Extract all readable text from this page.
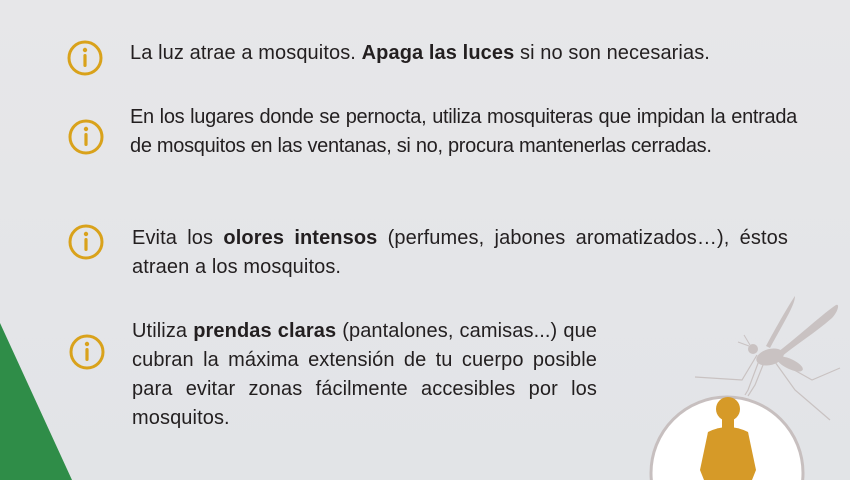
La luz atrae a mosquitos. Apaga las luces si no son necesarias.
En los lugares donde se pernocta, utiliza mosquiteras que impidan la entrada de mosquitos en las ventanas, si no, procura mantenerlas cerradas.
Evita los olores intensos (perfumes, jabones aromatizados…), éstos atraen a los mosquitos.
Utiliza prendas claras (pantalones, camisas...) que cubran la máxima extensión de tu cuerpo posible para evitar zonas fácilmente accesibles por los mosquitos.
